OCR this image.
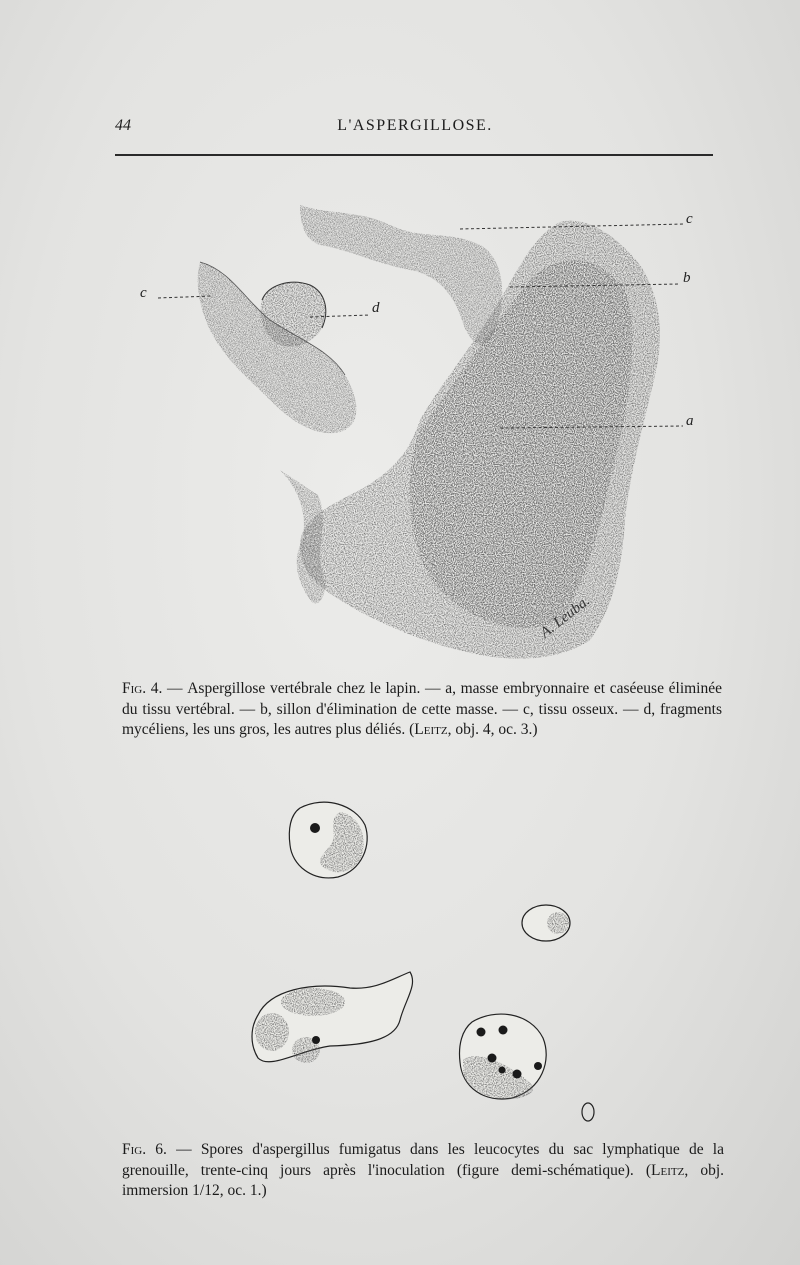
44	L'ASPERGILLOSE.
c
b
a
c
d
A. Leuba.

Fig. 4. — Aspergillose vertébrale chez le lapin. — a, masse embryonnaire et caséeuse éliminée du tissu vertébral. — b, sillon d'élimination de cette masse. — c, tissu osseux. — d, fragments mycéliens, les uns gros, les autres plus déliés. (Leitz, obj. 4, oc. 3.)

Fig. 6. — Spores d'aspergillus fumigatus dans les leucocytes du sac lymphatique de la grenouille, trente-cinq jours après l'inoculation (figure demi-schématique). (Leitz, obj. immersion 1/12, oc. 1.)
